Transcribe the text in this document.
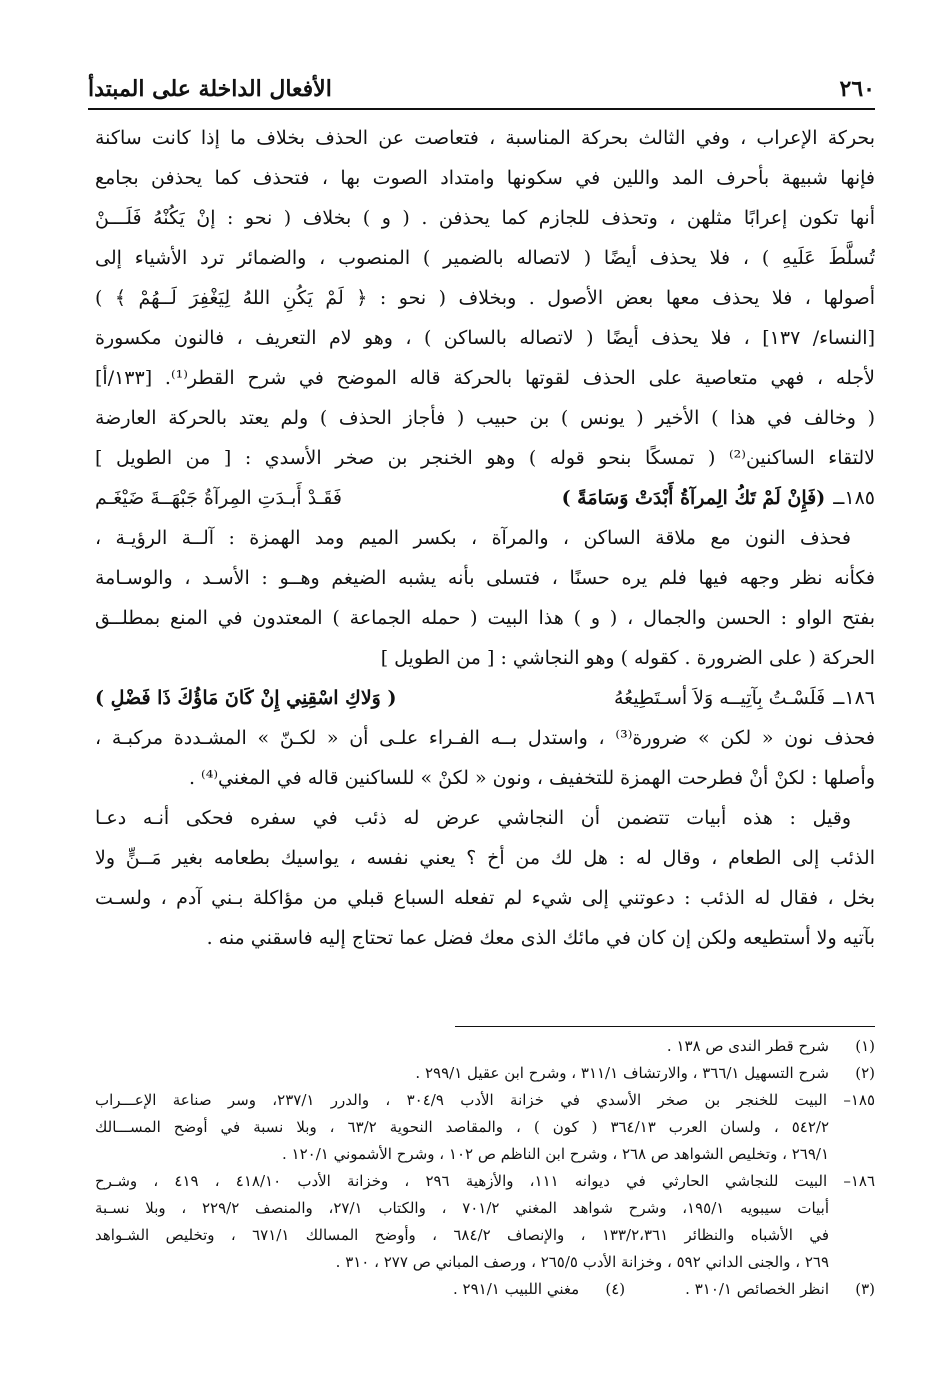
٢٦٠
الأفعال الداخلة على المبتدأ
بحركة الإعراب ، وفي الثالث بحركة المناسبة ، فتعاصت عن الحذف بخلاف ما إذا كانت ساكنة
فإنها شبيهة بأحرف المد واللين في سكونها وامتداد الصوت بها ، فتحذف كما يحذفن بجامع
أنها تكون إعرابًا مثلهن ، وتحذف للجازم كما يحذفن . ( و ) بخلاف ( نحو : إنْ يَكُنْهُ فَلَـــنْ
تُسلَّطَ عَلَيهِ ) ، فلا يحذف أيضًا ( لاتصاله بالضمير ) المنصوب ، والضمائر ترد الأشياء إلى
أصولها ، فلا يحذف معها بعض الأصول . وبخلاف ( نحو : ﴿ لَمْ يَكُنِ اللهُ لِيَغْفِرَ لَــهُمْ ﴾ )
[النساء/ ١٣٧] ، فلا يحذف أيضًا ( لاتصاله بالساكن ) ، وهو لام التعريف ، فالنون مكسورة
لأجله ، فهي متعاصية على الحذف لقوتها بالحركة قاله الموضح في شرح القطر⁽¹⁾. [١٣٣/أ]
( وخالف في هذا ) الأخير ( يونس ) بن حبيب ( فأجاز الحذف ) ولم يعتد بالحركة العارضة
لالتقاء الساكنين⁽²⁾ ( تمسكًا بنحو قوله ) وهو الخنجر بن صخر الأسدي : [ من الطويل ]
١٨٥ــ
(فَإِنْ لَمْ تَكُ الِمرآةُ أَبْدَتْ وَسَامَةً )
فَقَـدْ أَبـدَتِ المِرآةُ جَبْهَــةَ ضَيْغَـم
فحذف النون مع ملاقة الساكن ، والمرآة ، بكسر الميم ومد الهمزة : آلــة الرؤيـة ،
فكأنه نظر وجهه فيها فلم يره حسنًا ، فتسلى بأنه يشبه الضيغم وهــو : الأسـد ، والوسـامة
بفتح الواو : الحسن والجمال ، ( و ) هذا البيت ( حمله الجماعة ) المعتدون في المنع بمطلــق
الحركة ( على الضرورة . كقوله ) وهو النجاشي : [ من الطويل ]
١٨٦ــ
فَلَسْـتُ بِآتِيــه وَلاَ أسـتَطِيعُهُ
( وَلاكِ اسْقِنِي إِنْ كَانَ مَاؤُكَ ذَا فَضْلِ )
فحذف نون « لكن » ضرورة⁽³⁾ ، واستدل بــه الفـراء علـى أن « لكـنّ » المشـددة مركبـة ،
وأصلها : لكنْ أنْ فطرحت الهمزة للتخفيف ، ونون « لكنْ » للساكنين قاله في المغني⁽⁴⁾ .
وقيل : هذه أبيات تتضمن أن النجاشي عرض له ذئب في سفره فحكى أنـه دعـا
الذئب إلى الطعام ، وقال له : هل لك من أخ ؟ يعني نفسه ، يواسيك بطعامه بغير مَــنٍّ ولا
بخل ، فقال له الذئب : دعوتني إلى شيء لم تفعله السباع قبلي من مؤاكلة بـني آدم ، ولسـت
بآتيه ولا أستطيعه ولكن إن كان في مائك الذى معك فضل عما تحتاج إليه فاسقني منه .
(١)شرح قطر الندى ص ١٣٨ .
(٢)شرح التسهيل ٣٦٦/١ ، والارتشاف ٣١١/١ ، وشرح ابن عقيل ٢٩٩/١ .
١٨٥– البيت للخنجر بن صخر الأسدي في خزانة الأدب ٣٠٤/٩ ، والدرر ٢٣٧/١، وسر صناعة الإعـــراب
٥٤٢/٢ ، ولسان العرب ٣٦٤/١٣ ( كون ) ، والمقاصد النحوية ٦٣/٢ ، وبلا نسبة في أوضح المســـالك
٢٦٩/١ ، وتخليص الشواهد ص ٢٦٨ ، وشرح ابن الناظم ص ١٠٢ ، وشرح الأشموني ١٢٠/١ .
١٨٦– البيت للنجاشي الحارثي في ديوانه ١١١، والأزهية ٢٩٦ ، وخزانة الأدب ٤١٨/١٠ ، ٤١٩ ، وشـرح
أبيات سيبويه ١٩٥/١، وشرح شواهد المغني ٧٠١/٢ ، والكتاب ٢٧/١، والمنصف ٢٢٩/٢ ، وبلا نسـبة
في الأشباه والنظائر ١٣٣/٢،٣٦١ ، والإنصاف ٦٨٤/٢ ، وأوضح المسالك ٦٧١/١ ، وتخليص الشـواهد
٢٦٩ ، والجنى الداني ٥٩٢ ، وخزانة الأدب ٢٦٥/٥ ، ورصف المباني ص ٢٧٧ ، ٣١٠ .
(٣)انظر الخصائص ٣١٠/١ .
(٤)مغني اللبيب ٢٩١/١ .
